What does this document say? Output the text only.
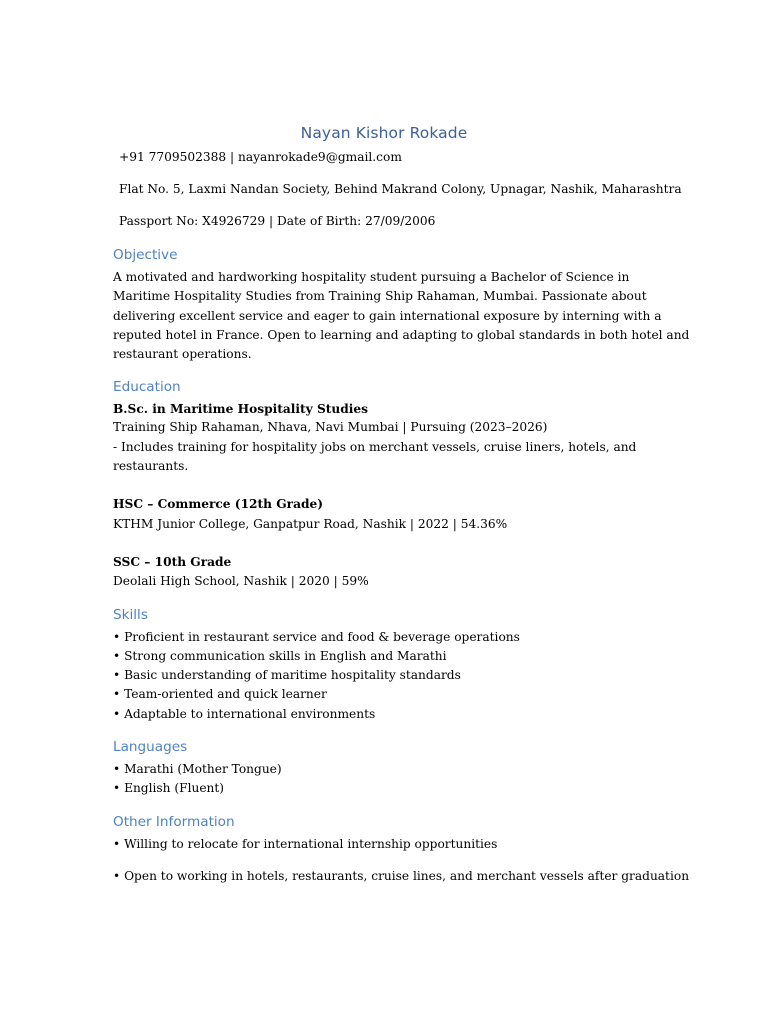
Nayan Kishor Rokade
+91 7709502388 | nayanrokade9@gmail.com
Flat No. 5, Laxmi Nandan Society, Behind Makrand Colony, Upnagar, Nashik, Maharashtra
Passport No: X4926729 | Date of Birth: 27/09/2006
Objective
A motivated and hardworking hospitality student pursuing a Bachelor of Science in
Maritime Hospitality Studies from Training Ship Rahaman, Mumbai. Passionate about
delivering excellent service and eager to gain international exposure by interning with a
reputed hotel in France. Open to learning and adapting to global standards in both hotel and
restaurant operations.
Education
B.Sc. in Maritime Hospitality Studies
Training Ship Rahaman, Nhava, Navi Mumbai | Pursuing (2023–2026)
- Includes training for hospitality jobs on merchant vessels, cruise liners, hotels, and
restaurants.
HSC – Commerce (12th Grade)
KTHM Junior College, Ganpatpur Road, Nashik | 2022 | 54.36%
SSC – 10th Grade
Deolali High School, Nashik | 2020 | 59%
Skills
• Proficient in restaurant service and food & beverage operations
• Strong communication skills in English and Marathi
• Basic understanding of maritime hospitality standards
• Team-oriented and quick learner
• Adaptable to international environments
Languages
• Marathi (Mother Tongue)
• English (Fluent)
Other Information
• Willing to relocate for international internship opportunities
• Open to working in hotels, restaurants, cruise lines, and merchant vessels after graduation
